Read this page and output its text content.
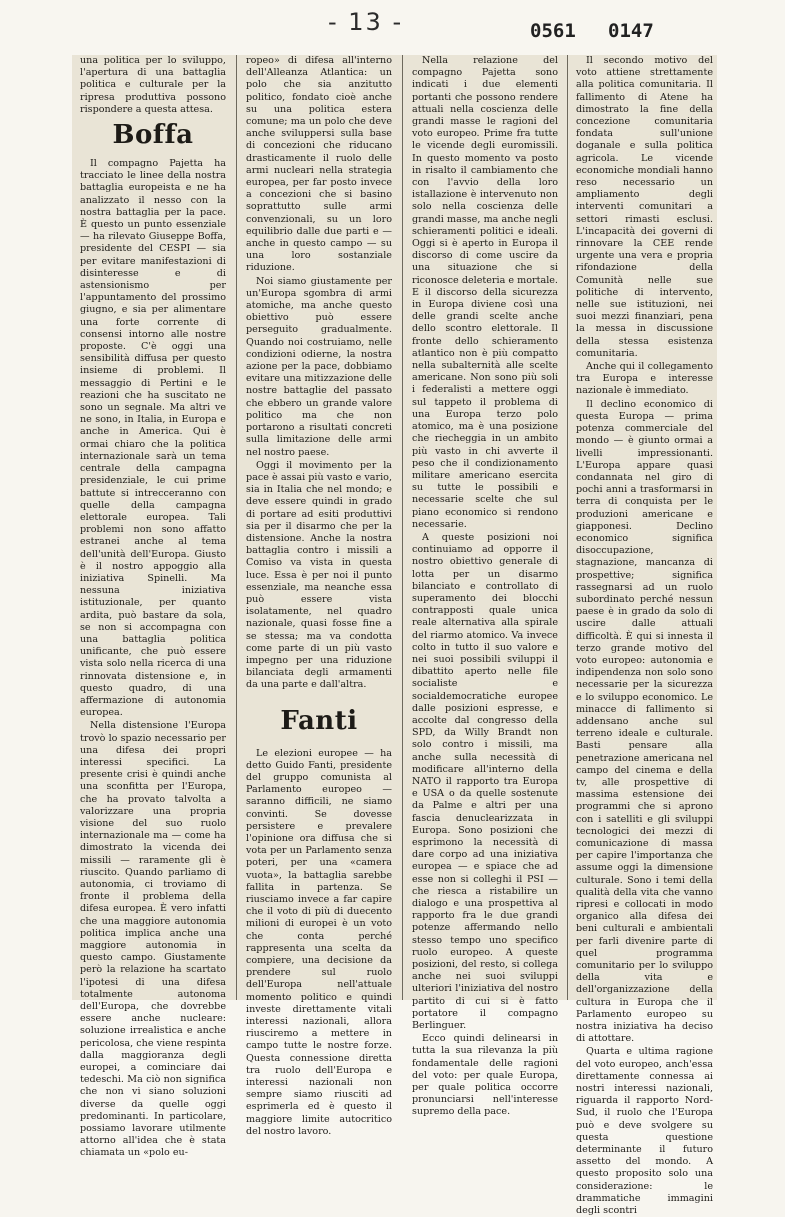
- 13 -	0561 0147

una politica per lo sviluppo, l'apertura di una battaglia politica e culturale per la ripresa produttiva possono rispondere a questa attesa.

Boffa

Il compagno Pajetta ha tracciato le linee della nostra battaglia europeista e ne ha analizzato il nesso con la nostra battaglia per la pace. È questo un punto essenziale — ha rilevato Giuseppe Boffa, presidente del CESPI — sia per evitare manifestazioni di disinteresse e di astensionismo per l'appuntamento del prossimo giugno, e sia per alimentare una forte corrente di consensi intorno alle nostre proposte. C'è oggi una sensibilità diffusa per questo insieme di problemi. Il messaggio di Pertini e le reazioni che ha suscitato ne sono un segnale. Ma altri ve ne sono, in Italia, in Europa e anche in America. Qui è ormai chiaro che la politica internazionale sarà un tema centrale della campagna presidenziale, le cui prime battute si intrecceranno con quelle della campagna elettorale europea. Tali problemi non sono affatto estranei anche al tema dell'unità dell'Europa. Giusto è il nostro appoggio alla iniziativa Spinelli. Ma nessuna iniziativa istituzionale, per quanto ardita, può bastare da sola, se non si accompagna con una battaglia politica unificante, che può essere vista solo nella ricerca di una rinnovata distensione e, in questo quadro, di una affermazione di autonomia europea.

Nella distensione l'Europa trovò lo spazio necessario per una difesa dei propri interessi specifici. La presente crisi è quindi anche una sconfitta per l'Europa, che ha provato talvolta a valorizzare una propria visione del suo ruolo internazionale ma — come ha dimostrato la vicenda dei missili — raramente gli è riuscito. Quando parliamo di autonomia, ci troviamo di fronte il problema della difesa europea. È vero infatti che una maggiore autonomia politica implica anche una maggiore autonomia in questo campo. Giustamente però la relazione ha scartato l'ipotesi di una difesa totalmente autonoma dell'Europa, che dovrebbe essere anche nucleare: soluzione irrealistica e anche pericolosa, che viene respinta dalla maggioranza degli europei, a cominciare dai tedeschi. Ma ciò non significa che non vi siano soluzioni diverse da quelle oggi predominanti. In particolare, possiamo lavorare utilmente attorno all'idea che è stata chiamata un «polo eu-

ropeo» di difesa all'interno dell'Alleanza Atlantica: un polo che sia anzitutto politico, fondato cioè anche su una politica estera comune; ma un polo che deve anche sviluppersi sulla base di concezioni che riducano drasticamente il ruolo delle armi nucleari nella strategia europea, per far posto invece a concezioni che si basino soprattutto sulle armi convenzionali, su un loro equilibrio dalle due parti e — anche in questo campo — su una loro sostanziale riduzione.

Noi siamo giustamente per un'Europa sgombra di armi atomiche, ma anche questo obiettivo può essere perseguito gradualmente. Quando noi costruiamo, nelle condizioni odierne, la nostra azione per la pace, dobbiamo evitare una mitizzazione delle nostre battaglie del passato che ebbero un grande valore politico ma che non portarono a risultati concreti sulla limitazione delle armi nel nostro paese.

Oggi il movimento per la pace è assai più vasto e vario, sia in Italia che nel mondo; e deve essere quindi in grado di portare ad esiti produttivi sia per il disarmo che per la distensione. Anche la nostra battaglia contro i missili a Comiso va vista in questa luce. Essa è per noi il punto essenziale, ma neanche essa può essere vista isolatamente, nel quadro nazionale, quasi fosse fine a se stessa; ma va condotta come parte di un più vasto impegno per una riduzione bilanciata degli armamenti da una parte e dall'altra.

Fanti

Le elezioni europee — ha detto Guido Fanti, presidente del gruppo comunista al Parlamento europeo — saranno difficili, ne siamo convinti. Se dovesse persistere e prevalere l'opinione ora diffusa che si vota per un Parlamento senza poteri, per una «camera vuota», la battaglia sarebbe fallita in partenza. Se riusciamo invece a far capire che il voto di più di duecento milioni di europei è un voto che conta perché rappresenta una scelta da compiere, una decisione da prendere sul ruolo dell'Europa nell'attuale momento politico e quindi investe direttamente vitali interessi nazionali, allora riusciremo a mettere in campo tutte le nostre forze. Questa connessione diretta tra ruolo dell'Europa e interessi nazionali non sempre siamo riusciti ad esprimerla ed è questo il maggiore limite autocritico del nostro lavoro.

Nella relazione del compagno Pajetta sono indicati i due elementi portanti che possono rendere attuali nella coscienza delle grandi masse le ragioni del voto europeo. Prime fra tutte le vicende degli euromissili. In questo momento va posto in risalto il cambiamento che con l'avvio della loro istallazione è intervenuto non solo nella coscienza delle grandi masse, ma anche negli schieramenti politici e ideali. Oggi si è aperto in Europa il discorso di come uscire da una situazione che si riconosce deleteria e mortale. E il discorso della sicurezza in Europa diviene così una delle grandi scelte anche dello scontro elettorale. Il fronte dello schieramento atlantico non è più compatto nella subalternità alle scelte americane. Non sono più soli i federalisti a mettere oggi sul tappeto il problema di una Europa terzo polo atomico, ma è una posizione che riecheggia in un ambito più vasto in chi avverte il peso che il condizionamento militare americano esercita su tutte le possibili e necessarie scelte che sul piano economico si rendono necessarie.

A queste posizioni noi continuiamo ad opporre il nostro obiettivo generale di lotta per un disarmo bilanciato e controllato di superamento dei blocchi contrapposti quale unica reale alternativa alla spirale del riarmo atomico. Va invece colto in tutto il suo valore e nei suoi possibili sviluppi il dibattito aperto nelle file socialiste e socialdemocratiche europee dalle posizioni espresse, e accolte dal congresso della SPD, da Willy Brandt non solo contro i missili, ma anche sulla necessità di modificare all'interno della NATO il rapporto tra Europa e USA o da quelle sostenute da Palme e altri per una fascia denuclearizzata in Europa. Sono posizioni che esprimono la necessità di dare corpo ad una iniziativa europea — e spiace che ad esse non si colleghi il PSI — che riesca a ristabilire un dialogo e una prospettiva al rapporto fra le due grandi potenze affermando nello stesso tempo uno specifico ruolo europeo. A queste posizioni, del resto, si collega anche nei suoi sviluppi ulteriori l'iniziativa del nostro partito di cui si è fatto portatore il compagno Berlinguer.

Ecco quindi delinearsi in tutta la sua rilevanza la più fondamentale delle ragioni del voto: per quale Europa, per quale politica occorre pronunciarsi nell'interesse supremo della pace.

Il secondo motivo del voto attiene strettamente alla politica comunitaria. Il fallimento di Atene ha dimostrato la fine della concezione comunitaria fondata sull'unione doganale e sulla politica agricola. Le vicende economiche mondiali hanno reso necessario un ampliamento degli interventi comunitari a settori rimasti esclusi. L'incapacità dei governi di rinnovare la CEE rende urgente una vera e propria rifondazione della Comunità nelle sue politiche di intervento, nelle sue istituzioni, nei suoi mezzi finanziari, pena la messa in discussione della stessa esistenza comunitaria.

Anche qui il collegamento tra Europa e interesse nazionale è immediato.

Il declino economico di questa Europa — prima potenza commerciale del mondo — è giunto ormai a livelli impressionanti. L'Europa appare quasi condannata nel giro di pochi anni a trasformarsi in terra di conquista per le produzioni americane e giapponesi. Declino economico significa disoccupazione, stagnazione, mancanza di prospettive; significa rassegnarsi ad un ruolo subordinato perché nessun paese è in grado da solo di uscire dalle attuali difficoltà. È qui si innesta il terzo grande motivo del voto europeo: autonomia e indipendenza non solo sono necessarie per la sicurezza e lo sviluppo economico. Le minacce di fallimento si addensano anche sul terreno ideale e culturale. Basti pensare alla penetrazione americana nel campo del cinema e della tv, alle prospettive di massima estensione dei programmi che si aprono con i satelliti e gli sviluppi tecnologici dei mezzi di comunicazione di massa per capire l'importanza che assume oggi la dimensione culturale. Sono i temi della qualità della vita che vanno ripresi e collocati in modo organico alla difesa dei beni culturali e ambientali per farli divenire parte di quel programma comunitario per lo sviluppo della vita e dell'organizzazione della cultura in Europa che il Parlamento europeo su nostra iniziativa ha deciso di attottare.

Quarta e ultima ragione del voto europeo, anch'essa direttamente connessa ai nostri interessi nazionali, riguarda il rapporto Nord-Sud, il ruolo che l'Europa può e deve svolgere su questa questione determinante il futuro assetto del mondo. A questo proposito solo una considerazione: le drammatiche immagini degli scontri
